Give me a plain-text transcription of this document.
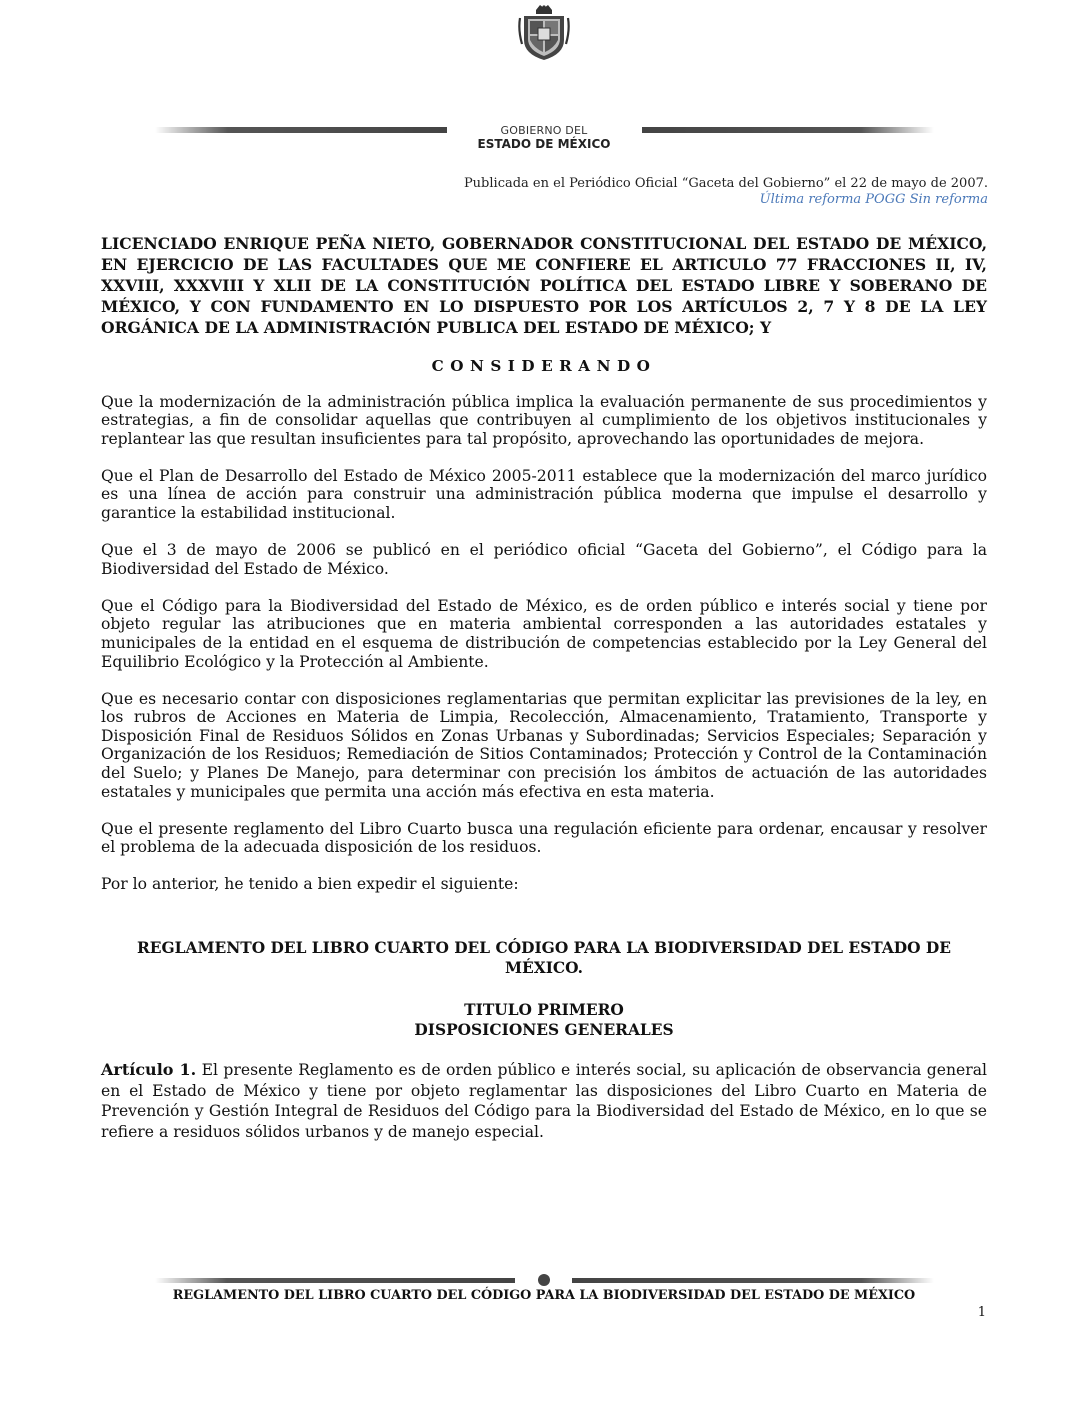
GOBIERNO DEL
ESTADO DE MÉXICO
Publicada en el Periódico Oficial “Gaceta del Gobierno” el 22 de mayo de 2007.
Última reforma POGG Sin reforma

LICENCIADO ENRIQUE PEÑA NIETO, GOBERNADOR CONSTITUCIONAL DEL ESTADO DE MÉXICO, EN EJERCICIO DE LAS FACULTADES QUE ME CONFIERE EL ARTICULO 77 FRACCIONES II, IV, XXVIII, XXXVIII Y XLII DE LA CONSTITUCIÓN POLÍTICA DEL ESTADO LIBRE Y SOBERANO DE MÉXICO, Y CON FUNDAMENTO EN LO DISPUESTO POR LOS ARTÍCULOS 2, 7 Y 8 DE LA LEY ORGÁNICA DE LA ADMINISTRACIÓN PUBLICA DEL ESTADO DE MÉXICO; Y

CONSIDERANDO

Que la modernización de la administración pública implica la evaluación permanente de sus procedimientos y estrategias, a fin de consolidar aquellas que contribuyen al cumplimiento de los objetivos institucionales y replantear las que resultan insuficientes para tal propósito, aprovechando las oportunidades de mejora.

Que el Plan de Desarrollo del Estado de México 2005-2011 establece que la modernización del marco jurídico es una línea de acción para construir una administración pública moderna que impulse el desarrollo y garantice la estabilidad institucional.

Que el 3 de mayo de 2006 se publicó en el periódico oficial “Gaceta del Gobierno”, el Código para la Biodiversidad del Estado de México.

Que el Código para la Biodiversidad del Estado de México, es de orden público e interés social y tiene por objeto regular las atribuciones que en materia ambiental corresponden a las autoridades estatales y municipales de la entidad en el esquema de distribución de competencias establecido por la Ley General del Equilibrio Ecológico y la Protección al Ambiente.

Que es necesario contar con disposiciones reglamentarias que permitan explicitar las previsiones de la ley, en los rubros de Acciones en Materia de Limpia, Recolección, Almacenamiento, Tratamiento, Transporte y Disposición Final de Residuos Sólidos en Zonas Urbanas y Subordinadas; Servicios Especiales; Separación y Organización de los Residuos; Remediación de Sitios Contaminados; Protección y Control de la Contaminación del Suelo; y Planes De Manejo, para determinar con precisión los ámbitos de actuación de las autoridades estatales y municipales que permita una acción más efectiva en esta materia.

Que el presente reglamento del Libro Cuarto busca una regulación eficiente para ordenar, encausar y resolver el problema de la adecuada disposición de los residuos.

Por lo anterior, he tenido a bien expedir el siguiente:

REGLAMENTO DEL LIBRO CUARTO DEL CÓDIGO PARA LA BIODIVERSIDAD DEL ESTADO DE MÉXICO.
TITULO PRIMERO
DISPOSICIONES GENERALES

Artículo 1. El presente Reglamento es de orden público e interés social, su aplicación de observancia general en el Estado de México y tiene por objeto reglamentar las disposiciones del Libro Cuarto en Materia de Prevención y Gestión Integral de Residuos del Código para la Biodiversidad del Estado de México, en lo que se refiere a residuos sólidos urbanos y de manejo especial.

REGLAMENTO DEL LIBRO CUARTO DEL CÓDIGO PARA LA BIODIVERSIDAD DEL ESTADO DE MÉXICO
1
